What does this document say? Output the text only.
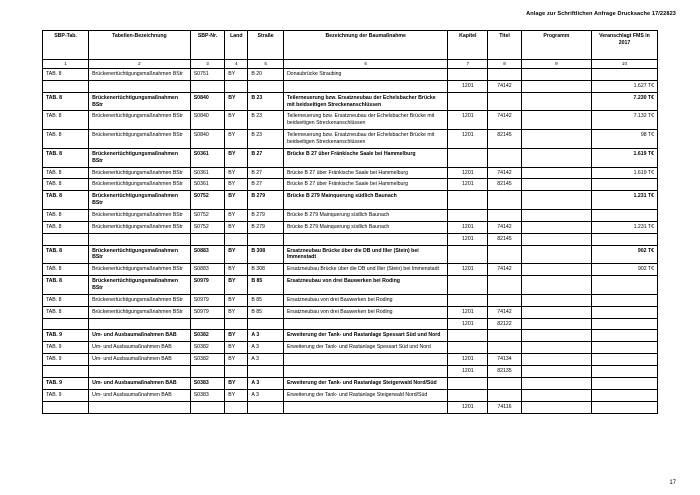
Anlage zur Schriftlichen Anfrage Drucksache 17/22823
SBP-Tab.	Tabellen-Bezeichnung	SBP-Nr.	Land	Straße	Bezeichnung der Baumaßnahme	Kapitel	Titel	Programm	Veranschlagt FMS in 2017
1	2	3	4	5	6	7	8	9	10
TAB. 8	Brückenertüchtigungsmaßnahmen BStr	S0751	BY	B 20	Donaubrücke Straubing				
						1201	74142		1.627 T€
TAB. 8	Brückenertüchtigungsmaßnahmen BStr	S0840	BY	B 23	Teilerneuerung bzw. Ersatzneubau der Echelsbacher Brücke mit beidseitigen Streckenanschlüssen				7.230 T€
TAB. 8	Brückenertüchtigungsmaßnahmen BStr	S0840	BY	B 23	Teilerneuerung bzw. Ersatzneubau der Echelsbacher Brücke mit beidseitigen Streckenanschlüssen	1201	74142		7.132 T€
TAB. 8	Brückenertüchtigungsmaßnahmen BStr	S0840	BY	B 23	Teilerneuerung bzw. Ersatzneubau der Echelsbacher Brücke mit beidseitigen Streckenanschlüssen	1201	82145		98 T€
TAB. 8	Brückenertüchtigungsmaßnahmen BStr	S0361	BY	B 27	Brücke B 27 über Fränkische Saale bei Hammelburg				1.619 T€
TAB. 8	Brückenertüchtigungsmaßnahmen BStr	S0361	BY	B 27	Brücke B 27 über Fränkische Saale bei Hammelburg	1201	74142		1.619 T€
TAB. 8	Brückenertüchtigungsmaßnahmen BStr	S0361	BY	B 27	Brücke B 27 über Fränkische Saale bei Hammelburg	1201	82145		
TAB. 8	Brückenertüchtigungsmaßnahmen BStr	S0752	BY	B 279	Brücke B 279 Mainquerung südlich Baunach				1.231 T€
TAB. 8	Brückenertüchtigungsmaßnahmen BStr	S0752	BY	B 279	Brücke B 279 Mainquerung südlich Baunach				
TAB. 8	Brückenertüchtigungsmaßnahmen BStr	S0752	BY	B 279	Brücke B 279 Mainquerung südlich Baunach	1201	74142		1.231 T€
						1201	82145		
TAB. 8	Brückenertüchtigungsmaßnahmen BStr	S0883	BY	B 308	Ersatzneubau Brücke über die DB und Iller (Stein) bei Immenstadt				902 T€
TAB. 8	Brückenertüchtigungsmaßnahmen BStr	S0883	BY	B 308	Ersatzneubau Brücke über die DB und Iller (Stein) bei Immenstadt	1201	74142		902 T€
TAB. 8	Brückenertüchtigungsmaßnahmen BStr	S0979	BY	B 85	Ersatzneubau von drei Bauwerken bei Roding				
TAB. 8	Brückenertüchtigungsmaßnahmen BStr	S0979	BY	B 85	Ersatzneubau von drei Bauwerken bei Roding				
TAB. 8	Brückenertüchtigungsmaßnahmen BStr	S0979	BY	B 85	Ersatzneubau von drei Bauwerken bei Roding	1201	74142		
						1201	82122		
TAB. 9	Um- und Ausbaumaßnahmen BAB	S0382	BY	A 3	Erweiterung der Tank- und Rastanlage Spessart Süd und Nord				
TAB. 9	Um- und Ausbaumaßnahmen BAB	S0382	BY	A 3	Erweiterung der Tank- und Rastanlage Spessart Süd und Nord				
TAB. 9	Um- und Ausbaumaßnahmen BAB	S0382	BY	A 3		1201	74134		
						1201	82135		
TAB. 9	Um- und Ausbaumaßnahmen BAB	S0383	BY	A 3	Erweiterung der Tank- und Rastanlage Steigerwald Nord/Süd				
TAB. 9	Um- und Ausbaumaßnahmen BAB	S0383	BY	A 3	Erweiterung der Tank- und Rastanlage Steigerwald Nord/Süd				
						1201	74116		
17
